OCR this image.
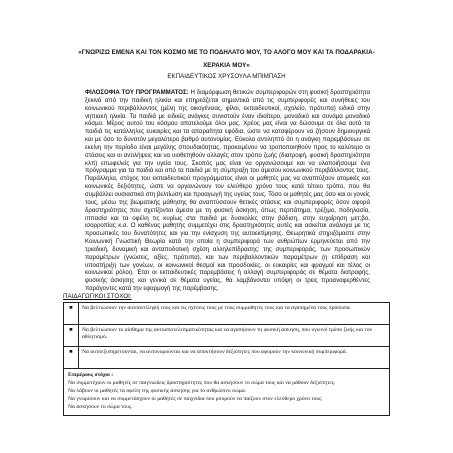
«ΓΝΩΡΙΖΩ ΕΜΕΝΑ ΚΑΙ ΤΟΝ ΚΟΣΜΟ ΜΕ ΤΟ ΠΟΔΗΛΑΤΟ ΜΟΥ, ΤΟ ΑΛΟΓΟ ΜΟΥ ΚΑΙ ΤΑ ΠΟΔΑΡΑΚΙΑ-
ΧΕΡΑΚΙΑ ΜΟΥ»
ΕΚΠΑΙΔΕΥΤΙΚΟΣ ΧΡΥΣΟΥΛΑ ΜΠΙΜΠΑΣΗ

ΦΙΛΟΣΟΦΙΑ ΤΟΥ ΠΡΟΓΡΑΜΜΑΤΟΣ: Η διαμόρφωση θετικών συμπεριφορών στη φυσική δραστηριότητα ξεκινά από την παιδική ηλικία και επηρεάζεται σημαντικά από τις συμπεριφορές και συνήθειες του κοινωνικού περιβάλλοντος (μέλη της οικογένειας, φίλοι, εκπαιδευτικοί, σχολείο, πρότυπα) ειδικά στην νηπιακή ηλικία. Τα παιδιά με ειδικές ανάγκες συνιστούν έναν ιδιαίτερο, μοναδικό και συνάμα μοναδικό κόσμο. Μέρος αυτού του κόσμου αποτελούμε όλοι μας. Χρέος μας είναι να δώσουμε σε όλα αυτά τα παιδιά τις κατάλληλες ευκαιρίες και τα απαραίτητα εφόδια, ώστε να καταφέρουν να ζήσουν δημιουργικά και με όσο το δυνατόν μεγαλύτερο βαθμό αυτονομίας. Εύκολα αντιληπτό ότι η ανάγκη παρεμβάσεων σε εκείνη την περίοδο είναι μεγάλης σπουδαιότητας, προκειμένου να τροποποιηθούν προς το καλύτερο οι στάσεις και οι αντιλήψεις και να υιοθετηθούν αλλαγές στον τρόπο ζωής (διατροφή, φυσική δραστηριότητα κλπ) επωφελείς για την υγεία τους. Σκοπός μας είναι να οργανώσουμε και να υλοποιήσουμε ένα πρόγραμμα για τα παιδιά και από τα παιδιά με τη σύμπραξη του άμεσου κοινωνικού περιβάλλοντος τους. Παράλληλα, στόχος του εκπαιδευτικού προγράμματος είναι οι μαθητές μας να αναπτύξουν ατομικές και κοινωνικές δεξιότητες, ώστε να οργανώνουν τον ελεύθερο χρόνο τους κατά τέτοιο τρόπο, που θα συμβάλλει ουσιαστικά στη βελτίωση και προαγωγή της υγείας τους. Τόσο οι μαθητές μας όσο και οι γονείς τους, μέσω της βιωματικής μάθησης θα αναπτύσσουν θετικές στάσεις και συμπεριφορές όσον αφορά δραστηριότητες που σχετίζονται άμεσα με τη φυσική άσκηση, όπως περπάτημα, τρέξιμο, ποδηλασία, ιππασία και τα οφέλη τις κυρίως στα παιδιά με δυσκολίες στην βάδιση, στην ευχαίρηση μετ;βο, ισορροπίας κ.α. Ο καθένας μαθητής συμμετέχει στις δραστηριότητες αυτές και ασκείται ανάλογα με τις προσωπικές του δυνατότητες και για την ενίσχυση της αυτοεκτίμησης. Θεωρητικά στηριζόμαστε στην Κοινωνική Γνωστική Θεωρία κατά την οποία η συμπεριφορά των ανθρώπων ερμηνεύεται από την τριαδική, δυναμική και ανταποδοτική σχέση αλληλεπίδρασης: της συμπεριφοράς, των προσωπικών παραμέτρων (γνώσεις, αξίες, πρότυπα), και των περιβαλλοντικών παραμέτρων (η επίδραση και υποστήριξη των γονέων, οι κοινωνικοί θεσμοί και προσδοκίες, οι ευκαιρίες και φραγμοί και τέλος οι κοινωνικοί ρόλοι). Έτσι οι εκπαιδευτικές παρεμβάσεις ή αλλαγή συμπεριφοράς σε θέματα διατροφής, φυσικής άσκησης και γενικά σε θέματα υγείας, θα λαμβάνονται υπόψη οι τρεις προαναφερθέντες παράγοντες κατά την εφαρμογή της παρέμβασης.

ΠΑΙΔΑΓΩΓΙΚΟΙ ΣΤΟΧΟΙ:
■	Να βελτιώσουν την αυτοαντίληψή τους και τις σχέσεις τους με τους συμμαθητές τους και τα αγαπημένα τους πρόσωπα.
■	Να βελτιώσουν το αίσθημα της αυτοαποτελεσματικότητας και να αγαπήσουν τη φυσική άσκηση, που υγιεινό τρόπο ζωής και τον αθλητισμό.
■	Να αυτοεξυπηρετούνται, να αυτονομούνται και να αποκτήσουν δεξιότητες που αφορούν την κοινωνική συμπεριφορά.

Επιμέρους στόχοι :

Να συμμετέχουν οι μαθητές σε παιγνιώδεις δραστηριότητες που θα ασκήσουν το σώμα τους και να μάθουν δεξιότητες.

Να λάβουν οι μαθητές τα οφέλη της φυσικής άσκησης για το ανθρώπινο σώμα.

Να γνωρίσουν και να συμμετάσχουν οι μαθητές σε παιχνίδια που μπορούν να παίζουν στον ελεύθερο χρόνο τους.

Να ασκήσουν το σώμα τους.	
